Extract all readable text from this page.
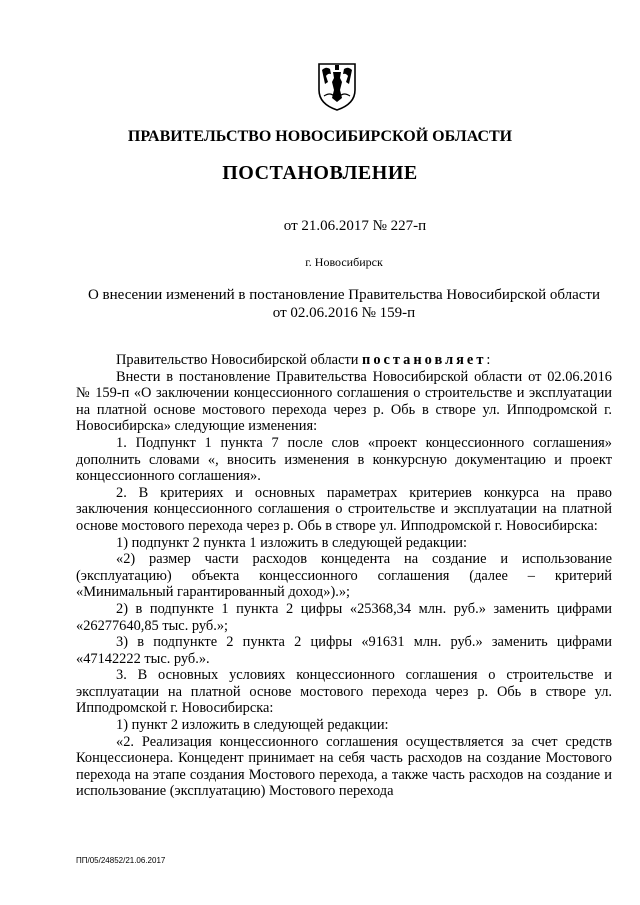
ПРАВИТЕЛЬСТВО НОВОСИБИРСКОЙ ОБЛАСТИ
ПОСТАНОВЛЕНИЕ
от 21.06.2017 № 227-п
г. Новосибирск
О внесении изменений в постановление Правительства Новосибирской области
от 02.06.2016 № 159-п

Правительство Новосибирской области постановляет:

Внести в постановление Правительства Новосибирской области от 02.06.2016 № 159-п «О заключении концессионного соглашения о строительстве и эксплуатации на платной основе мостового перехода через р. Обь в створе ул. Ипподромской г. Новосибирска» следующие изменения:

1. Подпункт 1 пункта 7 после слов «проект концессионного соглашения» дополнить словами «, вносить изменения в конкурсную документацию и проект концессионного соглашения».

2. В критериях и основных параметрах критериев конкурса на право заключения концессионного соглашения о строительстве и эксплуатации на платной основе мостового перехода через р. Обь в створе ул. Ипподромской г. Новосибирска:

1) подпункт 2 пункта 1 изложить в следующей редакции:

«2) размер части расходов концедента на создание и использование (эксплуатацию) объекта концессионного соглашения (далее – критерий «Минимальный гарантированный доход»).»;

2) в подпункте 1 пункта 2 цифры «25368,34 млн. руб.» заменить цифрами «26277640,85 тыс. руб.»;

3) в подпункте 2 пункта 2 цифры «91631 млн. руб.» заменить цифрами «47142222 тыс. руб.».

3. В основных условиях концессионного соглашения о строительстве и эксплуатации на платной основе мостового перехода через р. Обь в створе ул. Ипподромской г. Новосибирска:

1) пункт 2 изложить в следующей редакции:

«2. Реализация концессионного соглашения осуществляется за счет средств Концессионера. Концедент принимает на себя часть расходов на создание Мостового перехода на этапе создания Мостового перехода, а также часть расходов на создание и использование (эксплуатацию) Мостового перехода

ПП/05/24852/21.06.2017
